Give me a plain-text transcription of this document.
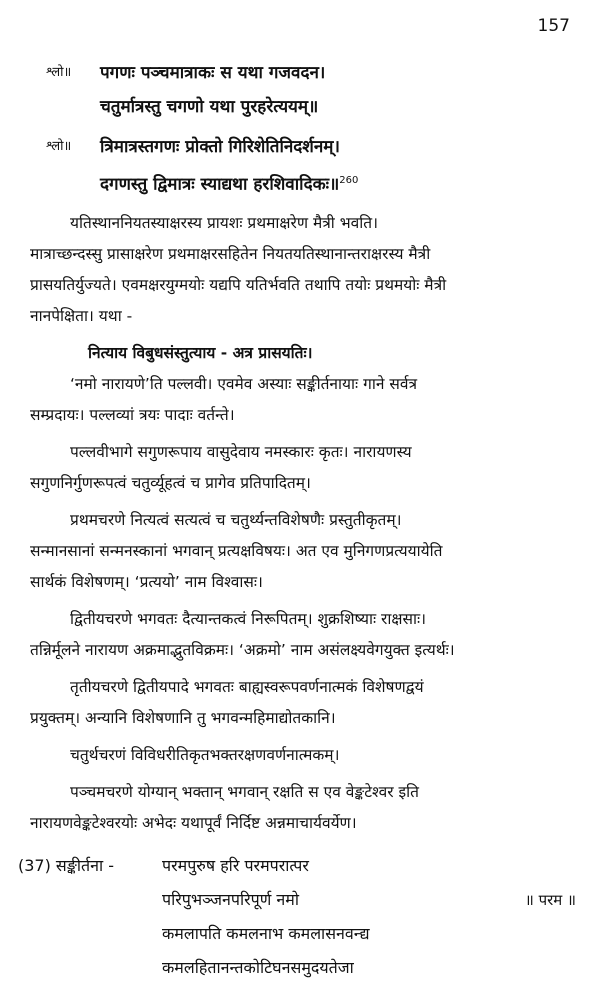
157
श्लो॥ पगणः पञ्चमात्राकः स यथा गजवदन।
चतुर्मात्रस्तु चगणो यथा पुरहरेत्ययम्॥
श्लो॥ त्रिमात्रस्तगणः प्रोक्तो गिरिशेतिनिदर्शनम्।
दगणस्तु द्विमात्रः स्याद्यथा हरशिवादिकः॥$^{260}$
यतिस्थाननियतस्याक्षरस्य प्रायशः प्रथमाक्षरेण मैत्री भवति।
मात्राच्छन्दस्सु प्रासाक्षरेण प्रथमाक्षरसहितेन नियतयतिस्थानान्तराक्षरस्य मैत्री
प्रासयतिर्युज्यते। एवमक्षरयुग्मयोः यद्यपि यतिर्भवति तथापि तयोः प्रथमयोः मैत्री
नानपेक्षिता। यथा -
नित्याय विबुधसंस्तुत्याय - अत्र प्रासयतिः।
‘नमो नारायणे’ति पल्लवी। एवमेव अस्याः सङ्कीर्तनायाः गाने सर्वत्र
सम्प्रदायः। पल्लव्यां त्रयः पादाः वर्तन्ते।
पल्लवीभागे सगुणरूपाय वासुदेवाय नमस्कारः कृतः। नारायणस्य
सगुणनिर्गुणरूपत्वं चतुर्व्यूहत्वं च प्रागेव प्रतिपादितम्।
प्रथमचरणे नित्यत्वं सत्यत्वं च चतुर्थ्यन्तविशेषणैः प्रस्तुतीकृतम्।
सन्मानसानां सन्मनस्कानां भगवान् प्रत्यक्षविषयः। अत एव मुनिगणप्रत्ययायेति
सार्थकं विशेषणम्। ‘प्रत्ययो’ नाम विश्वासः।
द्वितीयचरणे भगवतः दैत्यान्तकत्वं निरूपितम्। शुक्रशिष्याः राक्षसाः।
तन्निर्मूलने नारायण अक्रमाद्भुतविक्रमः। ‘अक्रमो’ नाम असंलक्ष्यवेगयुक्त इत्यर्थः।
तृतीयचरणे द्वितीयपादे भगवतः बाह्यस्वरूपवर्णनात्मकं विशेषणद्वयं
प्रयुक्तम्। अन्यानि विशेषणानि तु भगवन्महिमाद्योतकानि।
चतुर्थचरणं विविधरीतिकृतभक्तरक्षणवर्णनात्मकम्।
पञ्चमचरणे योग्यान् भक्तान् भगवान् रक्षति स एव वेङ्कटेश्वर इति
नारायणवेङ्कटेश्वरयोः अभेदः यथापूर्वं निर्दिष्ट अन्नमाचार्यवर्येण।
(37) सङ्कीर्तना -	परमपुरुष हरि परमपरात्पर
परिपुभञ्जनपरिपूर्ण नमो	॥ परम ॥
कमलापति कमलनाभ कमलासनवन्द्य
कमलहितानन्तकोटिघनसमुदयतेजा
